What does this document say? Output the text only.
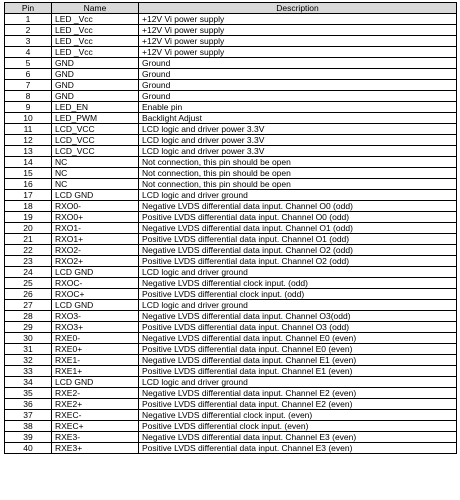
Pin	Name	Description
1	LED _Vcc	+12V Vi power supply
2	LED _Vcc	+12V Vi power supply
3	LED _Vcc	+12V Vi power supply
4	LED _Vcc	+12V Vi power supply
5	GND	Ground
6	GND	Ground
7	GND	Ground
8	GND	Ground
9	LED_EN	Enable pin
10	LED_PWM	Backlight Adjust
11	LCD_VCC	LCD logic and driver power 3.3V
12	LCD_VCC	LCD logic and driver power 3.3V
13	LCD_VCC	LCD logic and driver power 3.3V
14	NC	Not connection, this pin should be open
15	NC	Not connection, this pin should be open
16	NC	Not connection, this pin should be open
17	LCD GND	LCD logic and driver ground
18	RXO0-	Negative LVDS differential data input. Channel O0 (odd)
19	RXO0+	Positive LVDS differential data input. Channel O0 (odd)
20	RXO1-	Negative LVDS differential data input. Channel O1 (odd)
21	RXO1+	Positive LVDS differential data input. Channel O1 (odd)
22	RXO2-	Negative LVDS differential data input. Channel O2 (odd)
23	RXO2+	Positive LVDS differential data input. Channel O2 (odd)
24	LCD GND	LCD logic and driver ground
25	RXOC-	Negative LVDS differential clock input. (odd)
26	RXOC+	Positive LVDS differential clock input. (odd)
27	LCD GND	LCD logic and driver ground
28	RXO3-	Negative LVDS differential data input. Channel O3(odd)
29	RXO3+	Positive LVDS differential data input. Channel O3 (odd)
30	RXE0-	Negative LVDS differential data input. Channel E0 (even)
31	RXE0+	Positive LVDS differential data input. Channel E0 (even)
32	RXE1-	Negative LVDS differential data input. Channel E1 (even)
33	RXE1+	Positive LVDS differential data input. Channel E1 (even)
34	LCD GND	LCD logic and driver ground
35	RXE2-	Negative LVDS differential data input. Channel E2 (even)
36	RXE2+	Positive LVDS differential data input. Channel E2 (even)
37	RXEC-	Negative LVDS differential clock input. (even)
38	RXEC+	Positive LVDS differential clock input. (even)
39	RXE3-	Negative LVDS differential data input. Channel E3 (even)
40	RXE3+	Positive LVDS differential data input. Channel E3 (even)
